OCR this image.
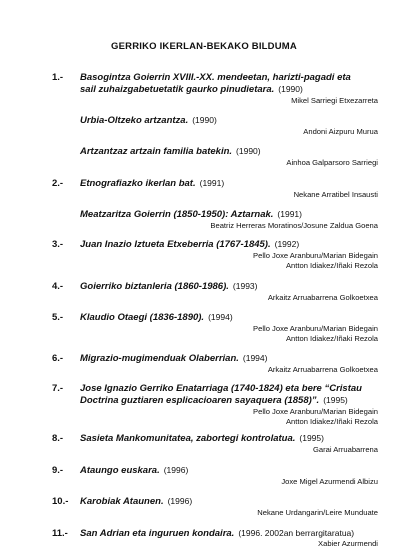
GERRIKO IKERLAN-BEKAKO BILDUMA
1.- Basogintza Goierrin XVIII.-XX. mendeetan, harizti-pagadi eta sail zuhaizgabetuetatik gaurko pinudietara. (1990)
Mikel Sarriegi Etxezarreta
Urbia-Oltzeko artzantza. (1990)
Andoni Aizpuru Murua
Artzantzaz artzain familia batekin. (1990)
Ainhoa Galparsoro Sarriegi
2.- Etnografiazko ikerlan bat. (1991)
Nekane Arratibel Insausti
Meatzaritza Goierrin (1850-1950): Aztarnak. (1991)
Beatriz Herreras Moratinos/Josune Zaldua Goena
3.- Juan Inazio Iztueta Etxeberria (1767-1845). (1992)
Pello Joxe Aranburu/Marian Bidegain
Antton Idiakez/Iñaki Rezola
4.- Goierriko biztanleria (1860-1986). (1993)
Arkaitz Arruabarrena Golkoetxea
5.- Klaudio Otaegi (1836-1890). (1994)
Pello Joxe Aranburu/Marian Bidegain
Antton Idiakez/Iñaki Rezola
6.- Migrazio-mugimenduak Olaberrian. (1994)
Arkaitz Arruabarrena Golkoetxea
7.- Jose Ignazio Gerriko Enatarriaga (1740-1824) eta bere “Cristau Doctrina guztiaren esplicacioaren sayaquera (1858)”. (1995)
Pello Joxe Aranburu/Marian Bidegain
Antton Idiakez/Iñaki Rezola
8.- Sasieta Mankomunitatea, zabortegi kontrolatua. (1995)
Garai Arruabarrena
9.- Ataungo euskara. (1996)
Joxe Migel Azurmendi Albizu
10.- Karobiak Ataunen. (1996)
Nekane Urdangarin/Leire Munduate
11.- San Adrian eta inguruen kondaira. (1996. 2002an berrargitaratua)
Xabier Azurmendi
